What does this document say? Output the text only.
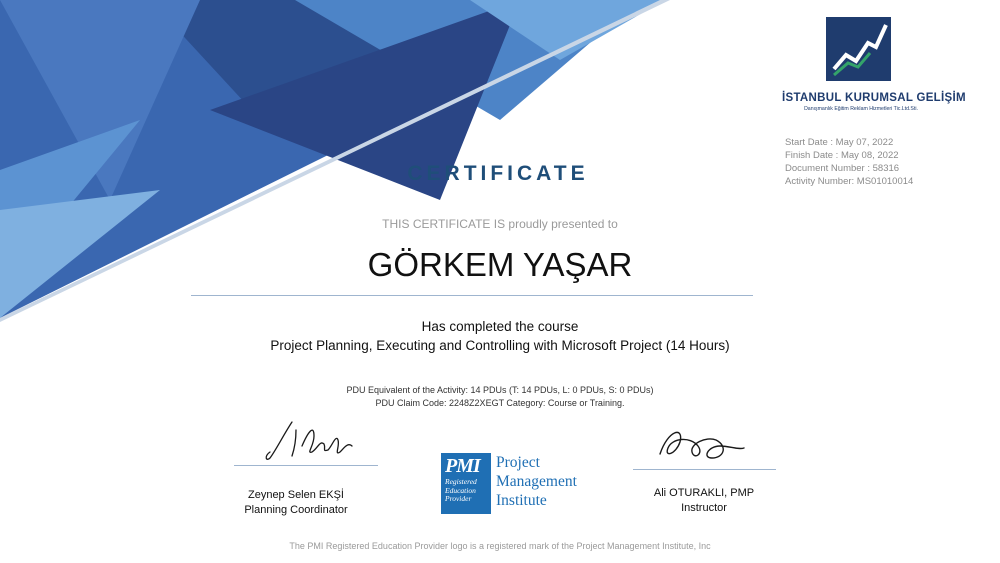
İSTANBUL KURUMSAL GELİŞİM
Danışmanlık Eğitim Reklam Hizmetleri Tic.Ltd.Sti.
Start Date : May 07, 2022
Finish Date : May 08, 2022
Document Number : 58316
Activity Number: MS01010014
CERTIFICATE
THIS CERTIFICATE IS proudly presented to
GÖRKEM YAŞAR
Has completed the course
Project Planning, Executing and Controlling with Microsoft Project (14 Hours)
PDU Equivalent of the Activity: 14 PDUs (T: 14 PDUs, L: 0 PDUs, S: 0 PDUs)
PDU Claim Code: 2248Z2XEGT Category: Course or Training.
Zeynep Selen EKŞİ
Planning Coordinator
Ali OTURAKLI, PMP
Instructor
PMI
Registered
Education
Provider
Project
Management
Institute
The PMI Registered Education Provider logo is a registered mark of the Project Management Institute, Inc
